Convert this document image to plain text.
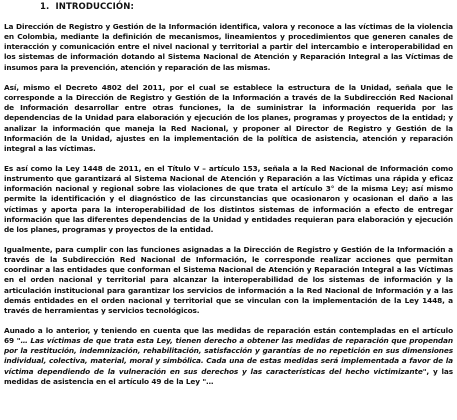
1. INTRODUCCIÓN:

La Dirección de Registro y Gestión de la Información identifica, valora y reconoce a las víctimas de la violencia en Colombia, mediante la definición de mecanismos, lineamientos y procedimientos que generen canales de interacción y comunicación entre el nivel nacional y territorial a partir del intercambio e interoperabilidad en los sistemas de información dotando al Sistema Nacional de Atención y Reparación Integral a las Víctimas de insumos para la prevención, atención y reparación de las mismas.

Así, mismo el Decreto 4802 del 2011, por el cual se establece la estructura de la Unidad, señala que le corresponde a la Dirección de Registro y Gestión de la Información a través de la Subdirección Red Nacional de Información desarrollar entre otras funciones, la de suministrar la información requerida por las dependencias de la Unidad para elaboración y ejecución de los planes, programas y proyectos de la entidad; y analizar la información que maneja la Red Nacional, y proponer al Director de Registro y Gestión de la Información de la Unidad, ajustes en la implementación de la política de asistencia, atención y reparación integral a las víctimas.

Es así como la Ley 1448 de 2011, en el Título V – artículo 153, señala a la Red Nacional de Información como instrumento que garantizará al Sistema Nacional de Atención y Reparación a las Víctimas una rápida y eficaz información nacional y regional sobre las violaciones de que trata el artículo 3° de la misma Ley; así mismo permite la identificación y el diagnóstico de las circunstancias que ocasionaron y ocasionan el daño a las víctimas y aporta para la interoperabilidad de los distintos sistemas de información a efecto de entregar información que las diferentes dependencias de la Unidad y entidades requieran para elaboración y ejecución de los planes, programas y proyectos de la entidad.

Igualmente, para cumplir con las funciones asignadas a la Dirección de Registro y Gestión de la Información a través de la Subdirección Red Nacional de Información, le corresponde realizar acciones que permitan coordinar a las entidades que conforman el Sistema Nacional de Atención y Reparación Integral a las Víctimas en el orden nacional y territorial para alcanzar la interoperabilidad de los sistemas de información y la articulación institucional para garantizar los servicios de información a la Red Nacional de Información y a las demás entidades en el orden nacional y territorial que se vinculan con la implementación de la Ley 1448, a través de herramientas y servicios tecnológicos.

Aunado a lo anterior, y teniendo en cuenta que las medidas de reparación están contempladas en el artículo 69 "… Las víctimas de que trata esta Ley, tienen derecho a obtener las medidas de reparación que propendan por la restitución, indemnización, rehabilitación, satisfacción y garantías de no repetición en sus dimensiones individual, colectiva, material, moral y simbólica. Cada una de estas medidas será implementada a favor de la víctima dependiendo de la vulneración en sus derechos y las características del hecho victimizante", y las medidas de asistencia en el artículo 49 de la Ley "…
